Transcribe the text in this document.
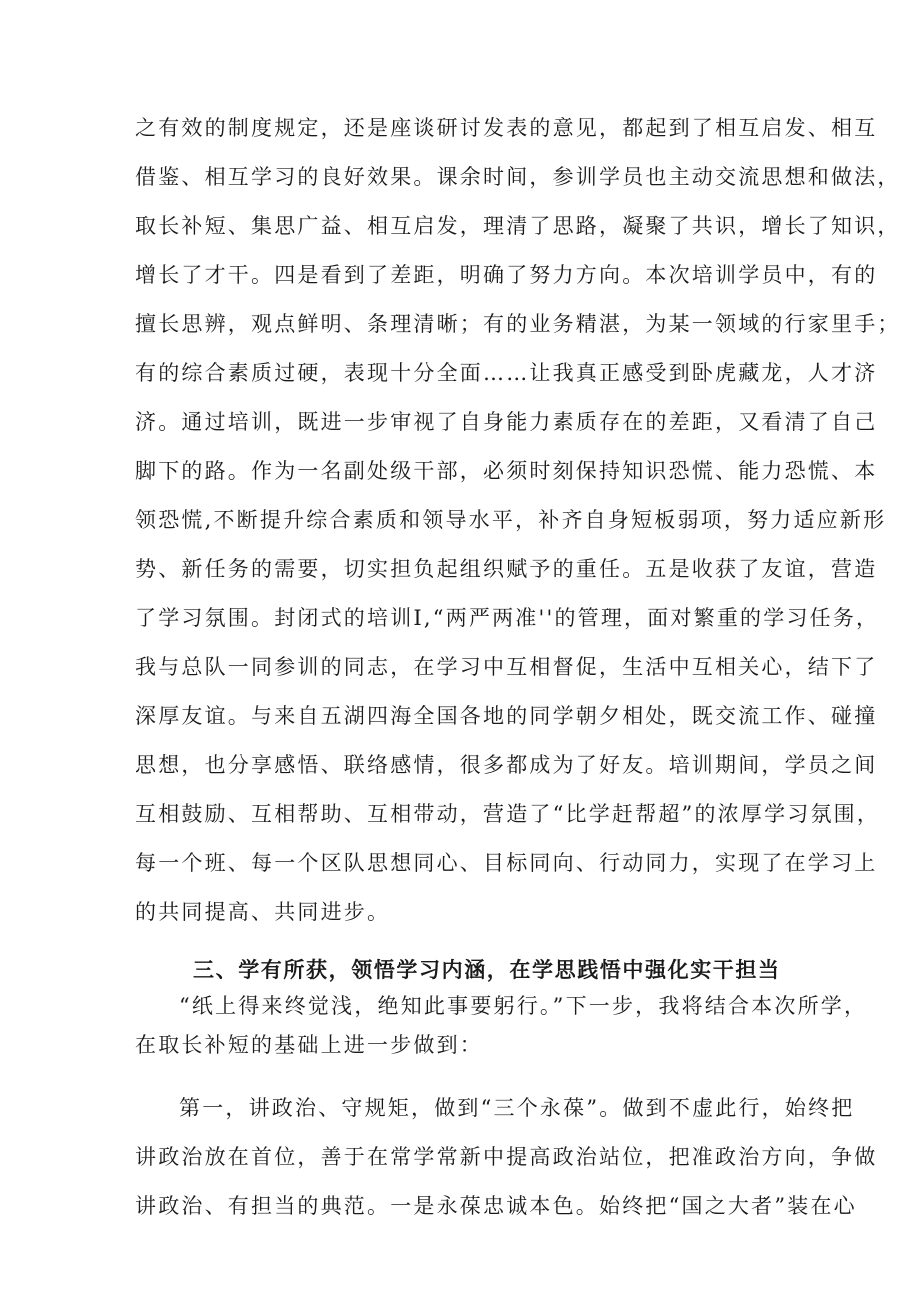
之有效的制度规定，还是座谈研讨发表的意见，都起到了相互启发、相互
借鉴、相互学习的良好效果。课余时间，参训学员也主动交流思想和做法，
取长补短、集思广益、相互启发，理清了思路，凝聚了共识，增长了知识，
增长了才干。四是看到了差距，明确了努力方向。本次培训学员中，有的
擅长思辨，观点鲜明、条理清晰；有的业务精湛，为某一领域的行家里手；
有的综合素质过硬，表现十分全面……让我真正感受到卧虎藏龙，人才济
济。通过培训，既进一步审视了自身能力素质存在的差距，又看清了自己
脚下的路。作为一名副处级干部，必须时刻保持知识恐慌、能力恐慌、本
领恐慌,不断提升综合素质和领导水平，补齐自身短板弱项，努力适应新形
势、新任务的需要，切实担负起组织赋予的重任。五是收获了友谊，营造
了学习氛围。封闭式的培训I,“两严两准''的管理，面对繁重的学习任务，
我与总队一同参训的同志，在学习中互相督促，生活中互相关心，结下了
深厚友谊。与来自五湖四海全国各地的同学朝夕相处，既交流工作、碰撞
思想，也分享感悟、联络感情，很多都成为了好友。培训期间，学员之间
互相鼓励、互相帮助、互相带动，营造了“比学赶帮超”的浓厚学习氛围，
每一个班、每一个区队思想同心、目标同向、行动同力，实现了在学习上
的共同提高、共同进步。
三、学有所获，领悟学习内涵，在学思践悟中强化实干担当
“纸上得来终觉浅，绝知此事要躬行。”下一步，我将结合本次所学，
在取长补短的基础上进一步做到：
第一，讲政治、守规矩，做到“三个永葆”。做到不虚此行，始终把
讲政治放在首位，善于在常学常新中提高政治站位，把准政治方向，争做
讲政治、有担当的典范。一是永葆忠诚本色。始终把“国之大者”装在心
